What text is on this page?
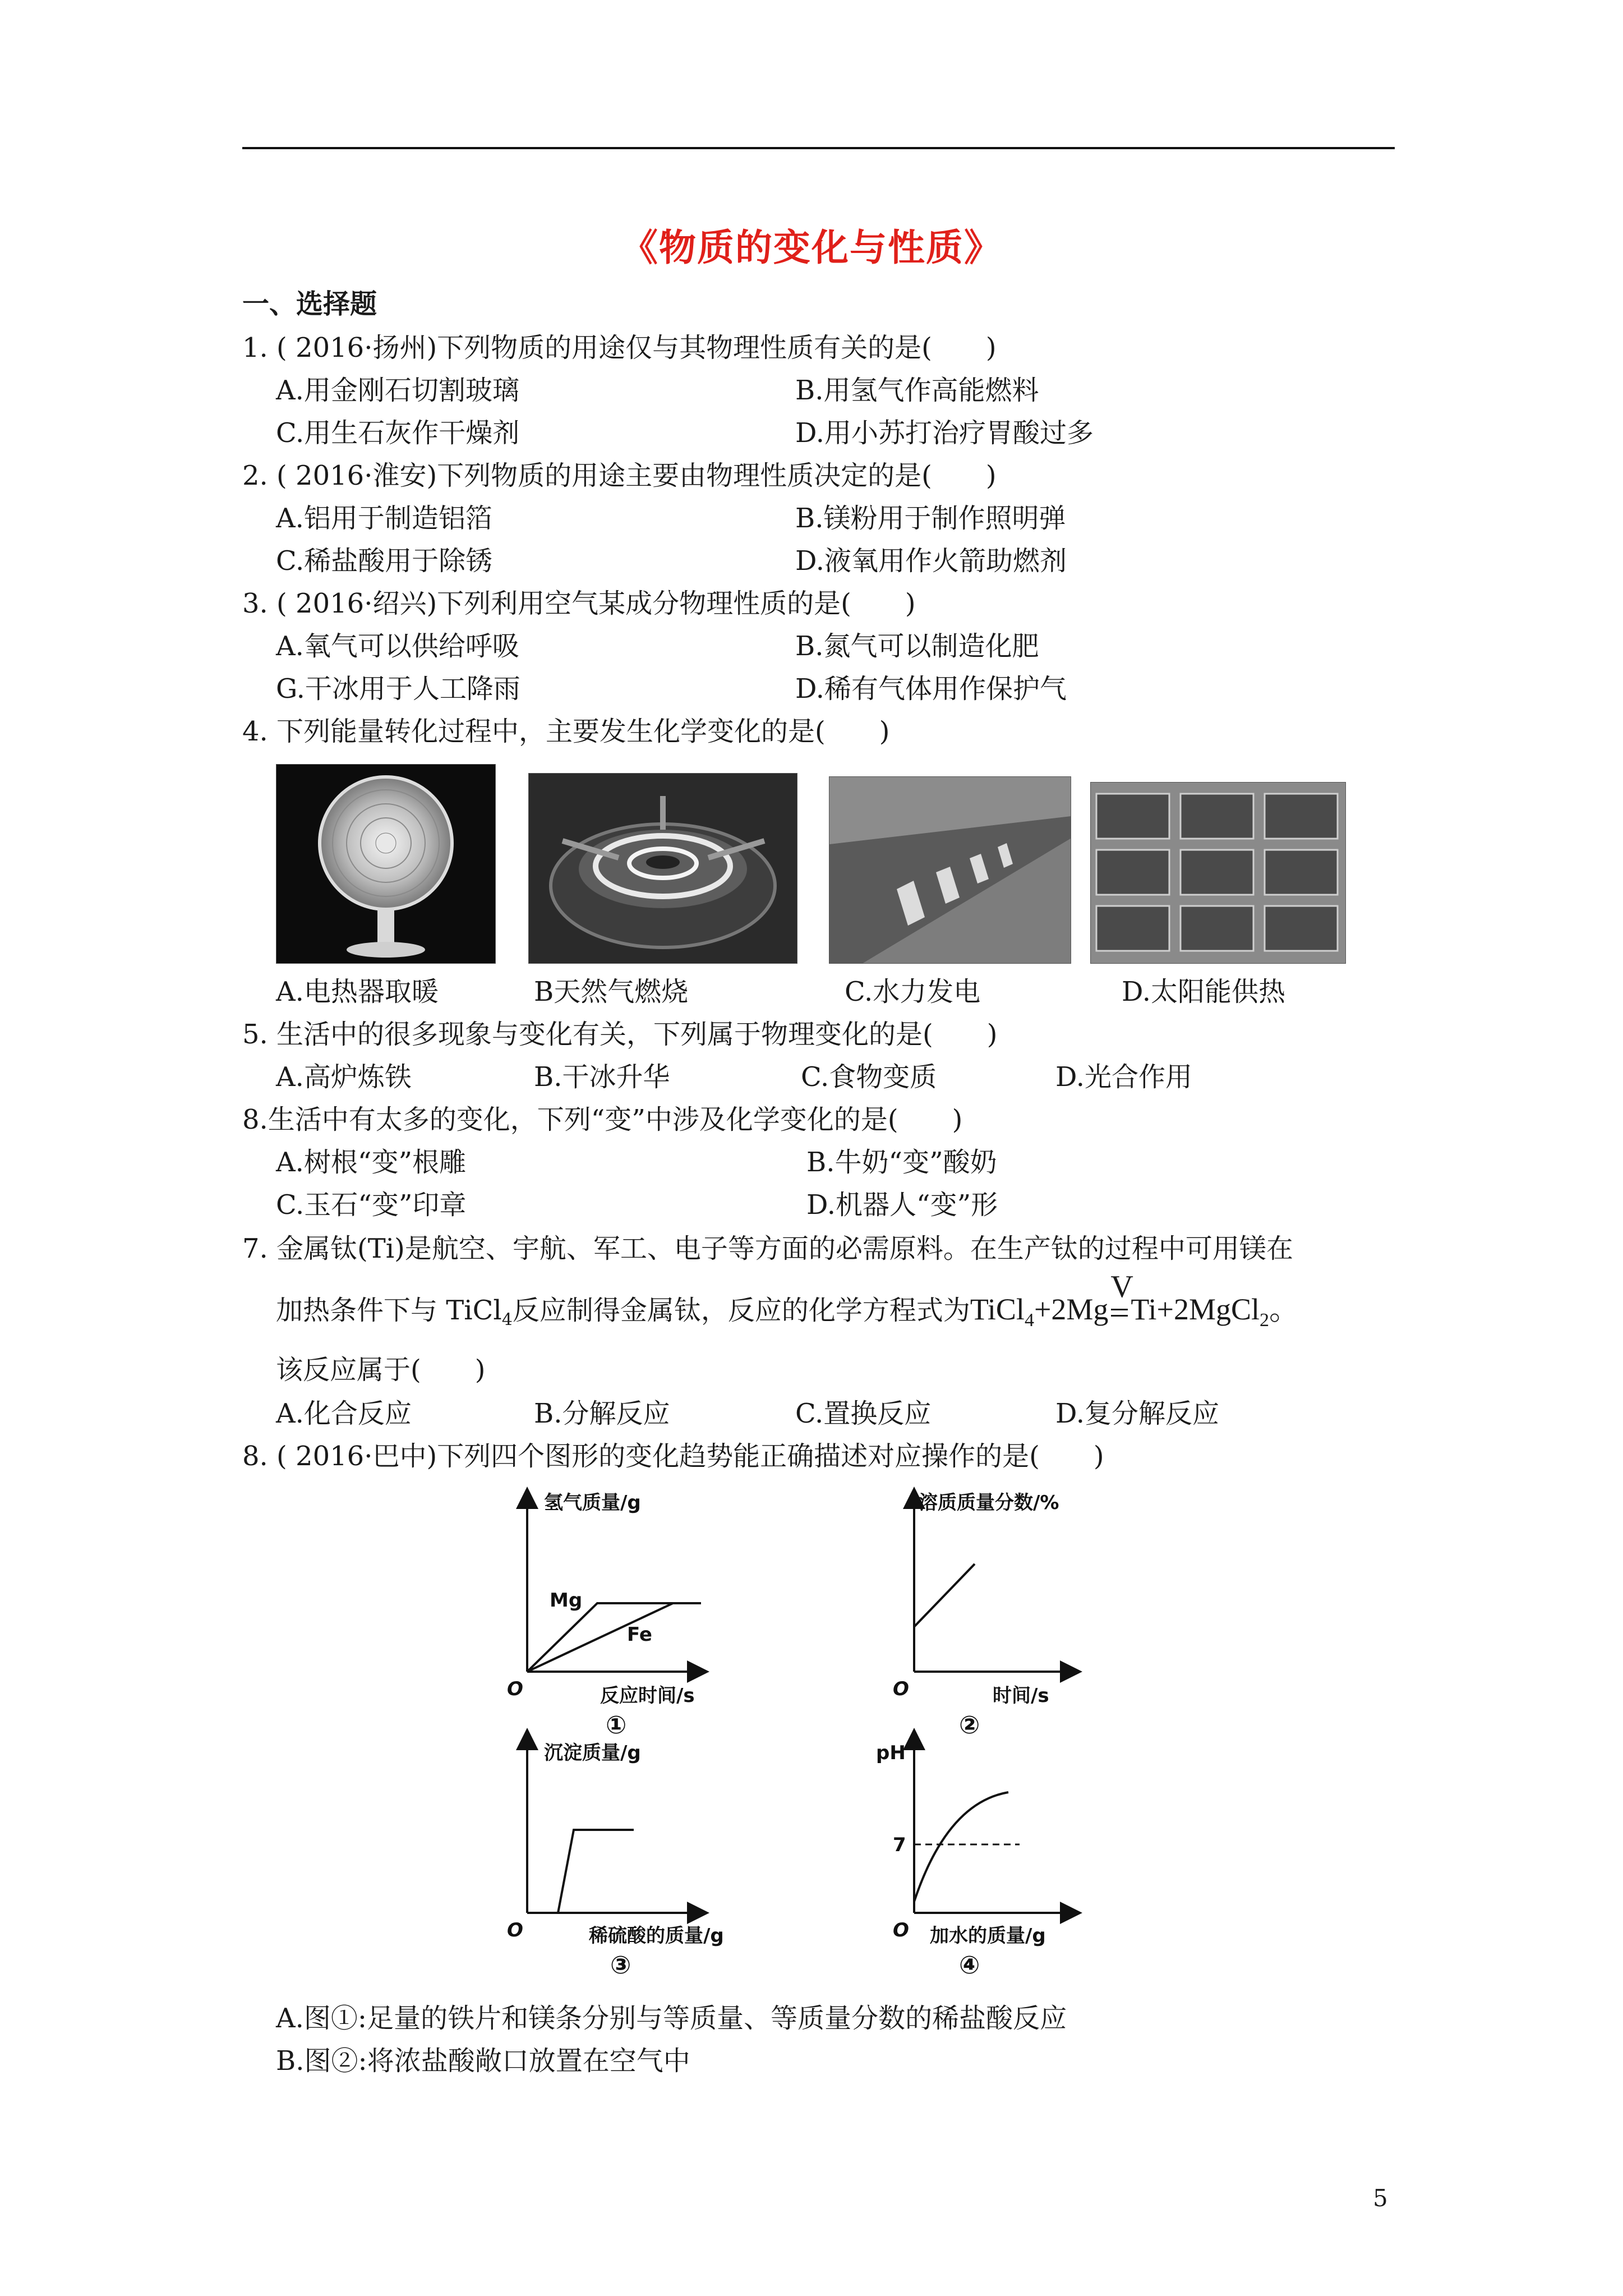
《物质的变化与性质》
一、选择题
1. ( 2016·扬州)下列物质的用途仅与其物理性质有关的是(　　)
A.用金刚石切割玻璃	B.用氢气作高能燃料
C.用生石灰作干燥剂	D.用小苏打治疗胃酸过多
2. ( 2016·淮安)下列物质的用途主要由物理性质决定的是(　　)
A.铝用于制造铝箔	B.镁粉用于制作照明弹
C.稀盐酸用于除锈	D.液氧用作火箭助燃剂
3. ( 2016·绍兴)下列利用空气某成分物理性质的是(　　)
A.氧气可以供给呼吸	B.氮气可以制造化肥
G.干冰用于人工降雨	D.稀有气体用作保护气
4. 下列能量转化过程中，主要发生化学变化的是(　　)
A.电热器取暖	B天然气燃烧	C.水力发电	D.太阳能供热
5. 生活中的很多现象与变化有关，下列属于物理变化的是(　　)
A.高炉炼铁	B.干冰升华	C.食物变质	D.光合作用
8.生活中有太多的变化，下列“变”中涉及化学变化的是(　　)
A.树根“变”根雕	B.牛奶“变”酸奶
C.玉石“变”印章	D.机器人“变”形
7. 金属钛(Ti)是航空、宇航、军工、电子等方面的必需原料。在生产钛的过程中可用镁在
加热条件下与 TiCl$_4$反应制得金属钛，反应的化学方程式为TiCl$_4$+2Mg
V
Ti+2MgCl$_2$。
该反应属于(　　)
A.化合反应	B.分解反应	C.置换反应	D.复分解反应
8. ( 2016·巴中)下列四个图形的变化趋势能正确描述对应操作的是(　　)
氢气质量/g
O	反应时间/s
①
Mg
Fe
溶质质量分数/%
O	时间/s
②
沉淀质量/g
O	稀硫酸的质量/g
③
pH
7
O 加水的质量/g
④
A.图①:足量的铁片和镁条分别与等质量、等质量分数的稀盐酸反应
B.图②:将浓盐酸敞口放置在空气中
5
